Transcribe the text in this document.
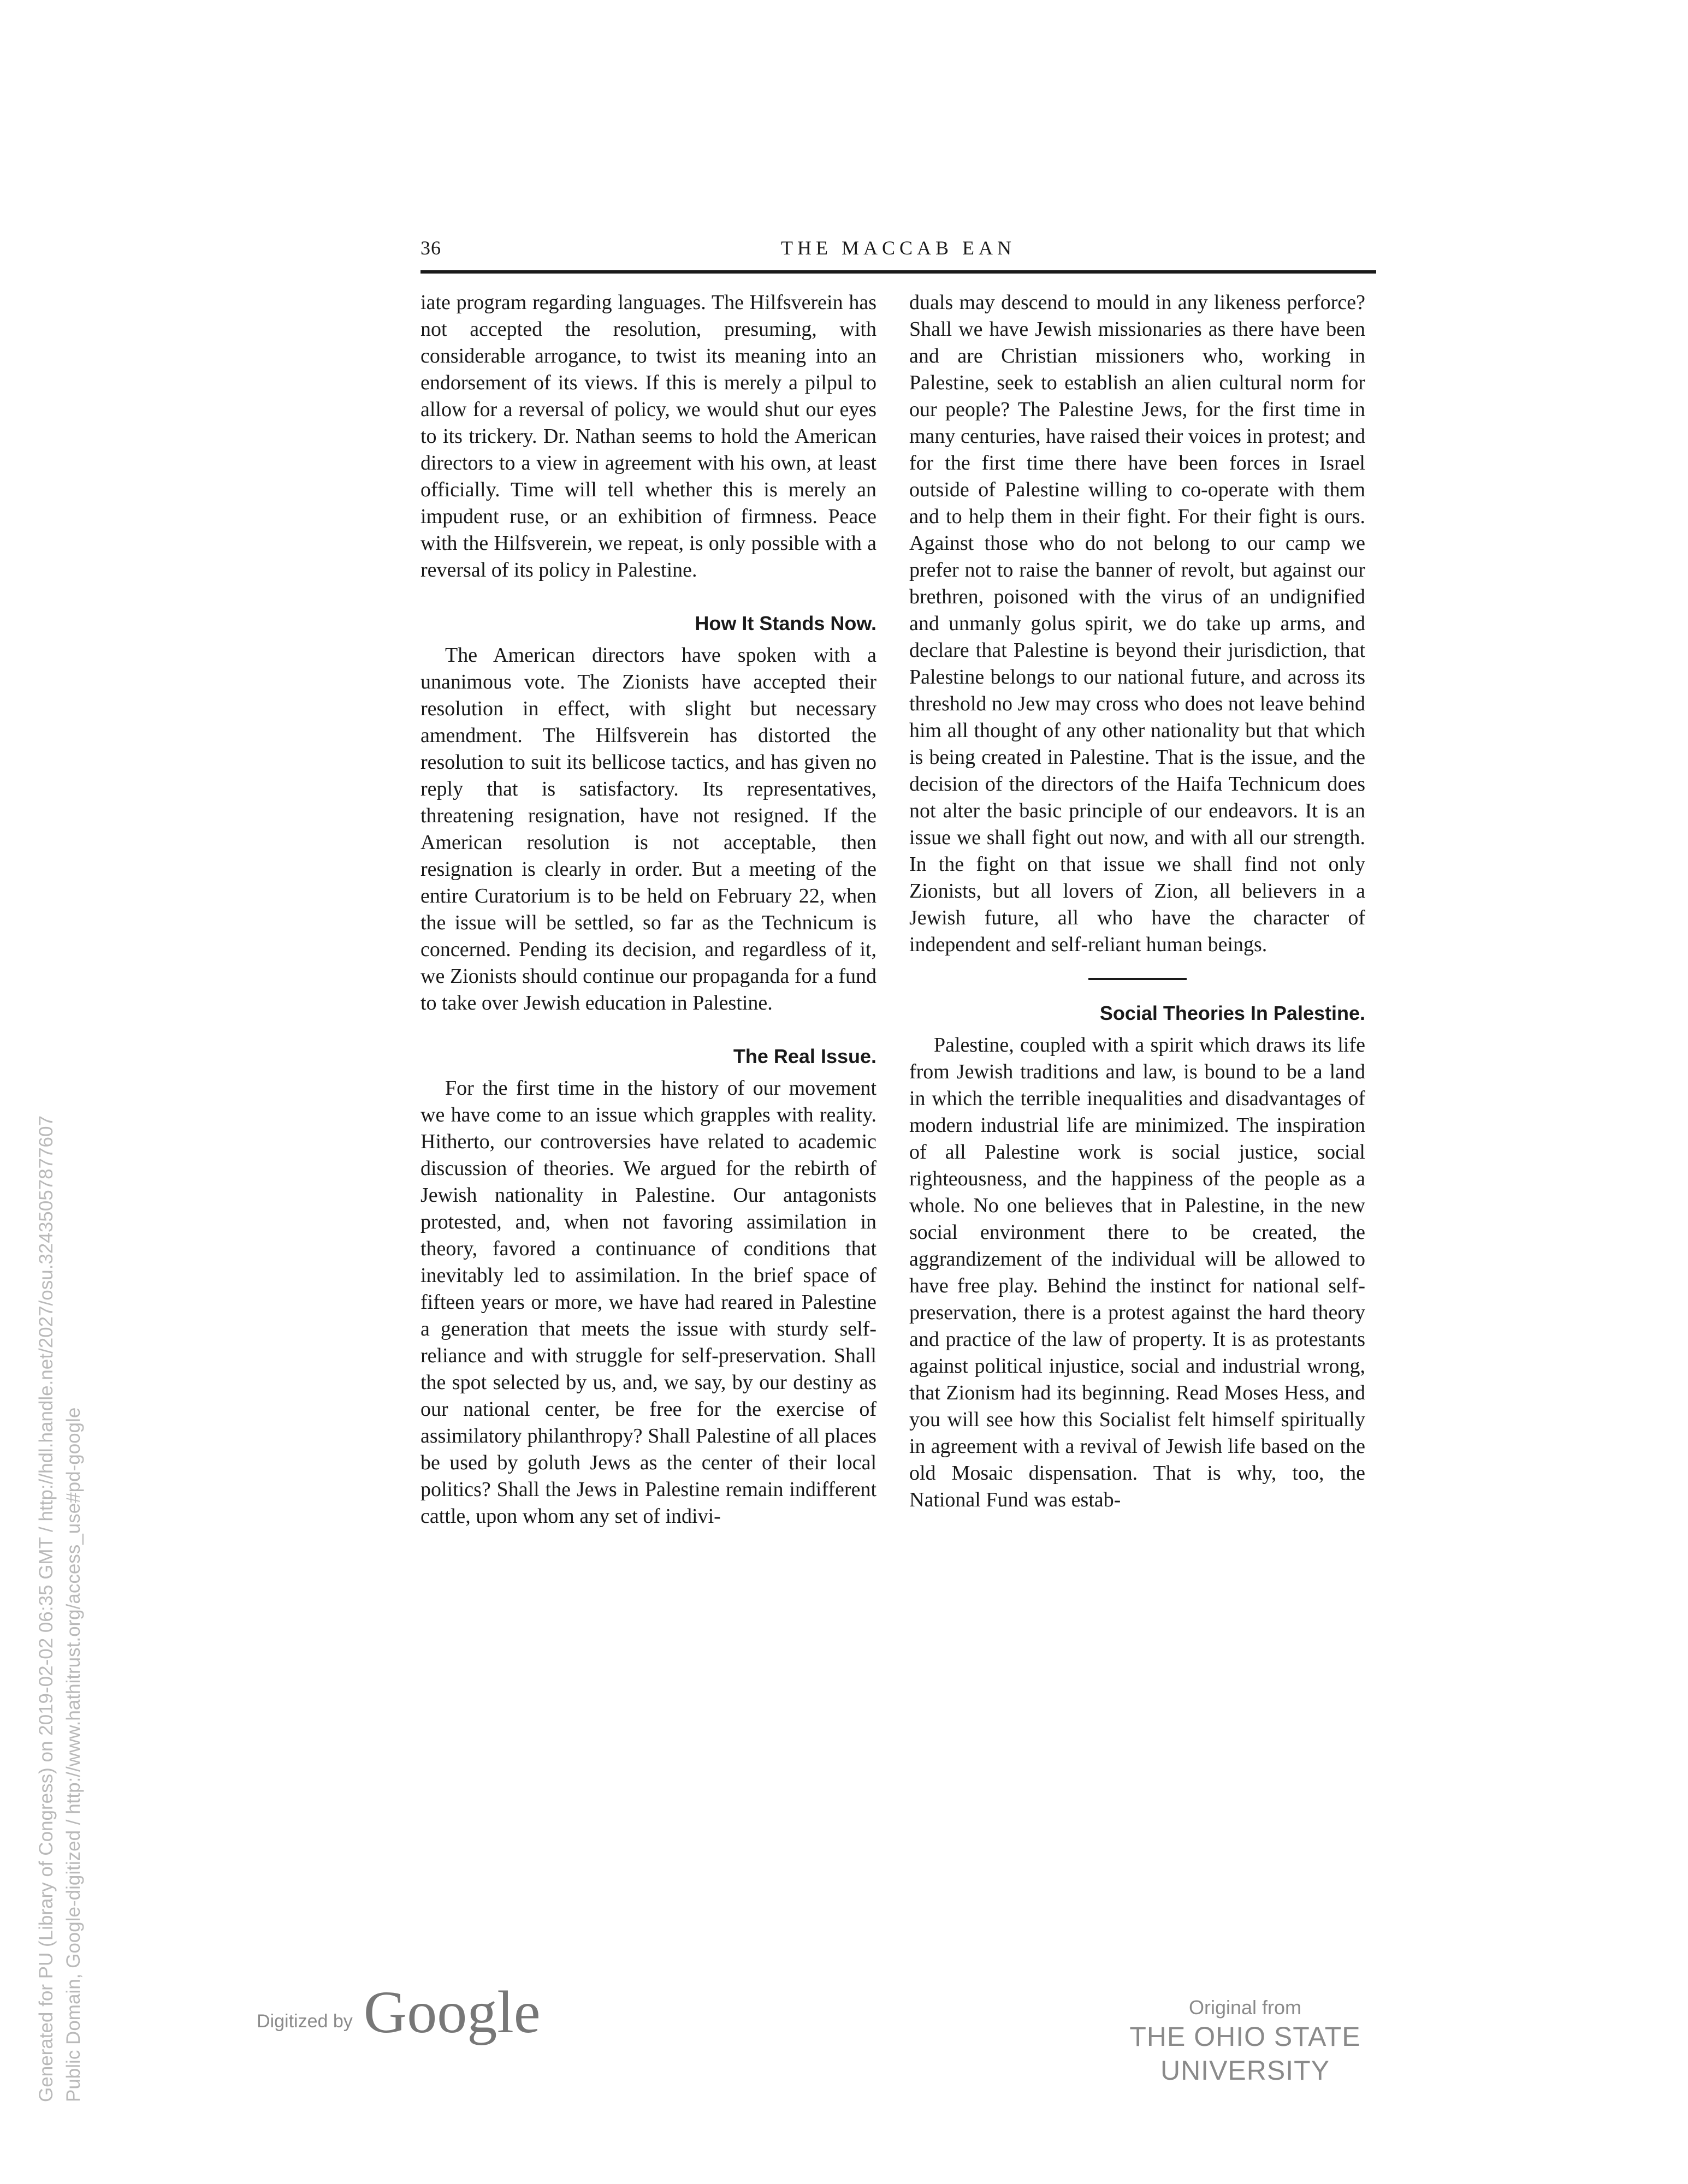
36	THE MACCAB EAN

iate program regarding languages. The Hilfsverein has not accepted the resolution, presuming, with considerable arrogance, to twist its meaning into an endorsement of its views. If this is merely a pilpul to allow for a reversal of policy, we would shut our eyes to its trickery. Dr. Nathan seems to hold the American directors to a view in agreement with his own, at least officially. Time will tell whether this is merely an impudent ruse, or an exhibition of firmness. Peace with the Hilfsverein, we repeat, is only possible with a reversal of its policy in Palestine.

How It Stands Now.

The American directors have spoken with a unanimous vote. The Zionists have accepted their resolution in effect, with slight but necessary amendment. The Hilfsverein has distorted the resolution to suit its bellicose tactics, and has given no reply that is satisfactory. Its representatives, threatening resignation, have not resigned. If the American resolution is not acceptable, then resignation is clearly in order. But a meeting of the entire Curatorium is to be held on February 22, when the issue will be settled, so far as the Technicum is concerned. Pending its decision, and regardless of it, we Zionists should continue our propaganda for a fund to take over Jewish education in Palestine.

The Real Issue.

For the first time in the history of our movement we have come to an issue which grapples with reality. Hitherto, our controversies have related to academic discussion of theories. We argued for the rebirth of Jewish nationality in Palestine. Our antagonists protested, and, when not favoring assimilation in theory, favored a continuance of conditions that inevitably led to assimilation. In the brief space of fifteen years or more, we have had reared in Palestine a generation that meets the issue with sturdy self-reliance and with struggle for self-preservation. Shall the spot selected by us, and, we say, by our destiny as our national center, be free for the exercise of assimilatory philanthropy? Shall Palestine of all places be used by goluth Jews as the center of their local politics? Shall the Jews in Palestine remain indifferent cattle, upon whom any set of indivi-

duals may descend to mould in any likeness perforce? Shall we have Jewish missionaries as there have been and are Christian missioners who, working in Palestine, seek to establish an alien cultural norm for our people? The Palestine Jews, for the first time in many centuries, have raised their voices in protest; and for the first time there have been forces in Israel outside of Palestine willing to co-operate with them and to help them in their fight. For their fight is ours. Against those who do not belong to our camp we prefer not to raise the banner of revolt, but against our brethren, poisoned with the virus of an undignified and unmanly golus spirit, we do take up arms, and declare that Palestine is beyond their jurisdiction, that Palestine belongs to our national future, and across its threshold no Jew may cross who does not leave behind him all thought of any other nationality but that which is being created in Palestine. That is the issue, and the decision of the directors of the Haifa Technicum does not alter the basic principle of our endeavors. It is an issue we shall fight out now, and with all our strength. In the fight on that issue we shall find not only Zionists, but all lovers of Zion, all believers in a Jewish future, all who have the character of independent and self-reliant human beings.

Social Theories In Palestine.

Palestine, coupled with a spirit which draws its life from Jewish traditions and law, is bound to be a land in which the terrible inequalities and disadvantages of modern industrial life are minimized. The inspiration of all Palestine work is social justice, social righteousness, and the happiness of the people as a whole. No one believes that in Palestine, in the new social environment there to be created, the aggrandizement of the individual will be allowed to have free play. Behind the instinct for national self-preservation, there is a protest against the hard theory and practice of the law of property. It is as protestants against political injustice, social and industrial wrong, that Zionism had its beginning. Read Moses Hess, and you will see how this Socialist felt himself spiritually in agreement with a revival of Jewish life based on the old Mosaic dispensation. That is why, too, the National Fund was estab-

Generated for PU (Library of Congress) on 2019-02-02 06:35 GMT / http://hdl.handle.net/2027/osu.32435057877607 Public Domain, Google-digitized / http://www.hathitrust.org/access_use#pd-google	Digitized by Google	Original from
THE OHIO STATE UNIVERSITY
